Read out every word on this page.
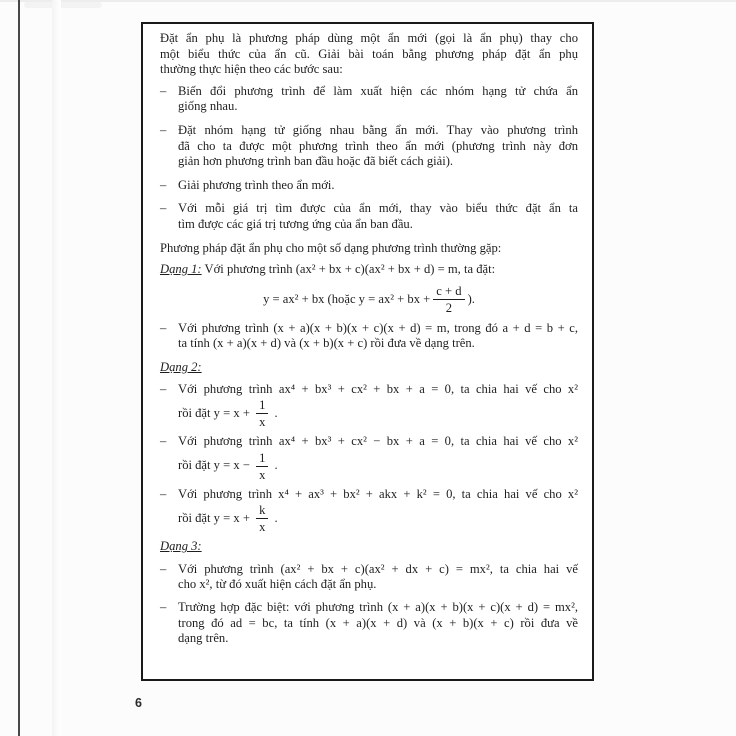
Đặt ẩn phụ là phương pháp dùng một ẩn mới (gọi là ẩn phụ) thay cho
một biểu thức của ẩn cũ. Giải bài toán bằng phương pháp đặt ẩn phụ
thường thực hiện theo các bước sau:
– Biến đổi phương trình để làm xuất hiện các nhóm hạng tử chứa ẩn
giống nhau.
– Đặt nhóm hạng tử giống nhau bằng ẩn mới. Thay vào phương trình
đã cho ta được một phương trình theo ẩn mới (phương trình này đơn
giản hơn phương trình ban đầu hoặc đã biết cách giải).
– Giải phương trình theo ẩn mới.
– Với mỗi giá trị tìm được của ẩn mới, thay vào biểu thức đặt ẩn ta
tìm được các giá trị tương ứng của ẩn ban đầu.
Phương pháp đặt ẩn phụ cho một số dạng phương trình thường gặp:
Dạng 1: Với phương trình (ax² + bx + c)(ax² + bx + d) = m, ta đặt:
y = ax² + bx (hoặc y = ax² + bx + $\frac{c + d}{2}$ ).
– Với phương trình (x + a)(x + b)(x + c)(x + d) = m, trong đó a + d = b + c,
ta tính (x + a)(x + d) và (x + b)(x + c) rồi đưa về dạng trên.
Dạng 2:
– Với phương trình ax⁴ + bx³ + cx² + bx + a = 0, ta chia hai vế cho x²
rồi đặt $y = x + \frac{1}{x}$ .
– Với phương trình ax⁴ + bx³ + cx² − bx + a = 0, ta chia hai vế cho x²
rồi đặt $y = x - \frac{1}{x}$ .
– Với phương trình x⁴ + ax³ + bx² + akx + k² = 0, ta chia hai vế cho x²
rồi đặt $y = x + \frac{k}{x}$ .
Dạng 3:
– Với phương trình (ax² + bx + c)(ax² + dx + c) = mx², ta chia hai vế
cho x², từ đó xuất hiện cách đặt ẩn phụ.
– Trường hợp đặc biệt: với phương trình (x + a)(x + b)(x + c)(x + d) = mx²,
trong đó ad = bc, ta tính (x + a)(x + d) và (x + b)(x + c) rồi đưa về
dạng trên.
6
